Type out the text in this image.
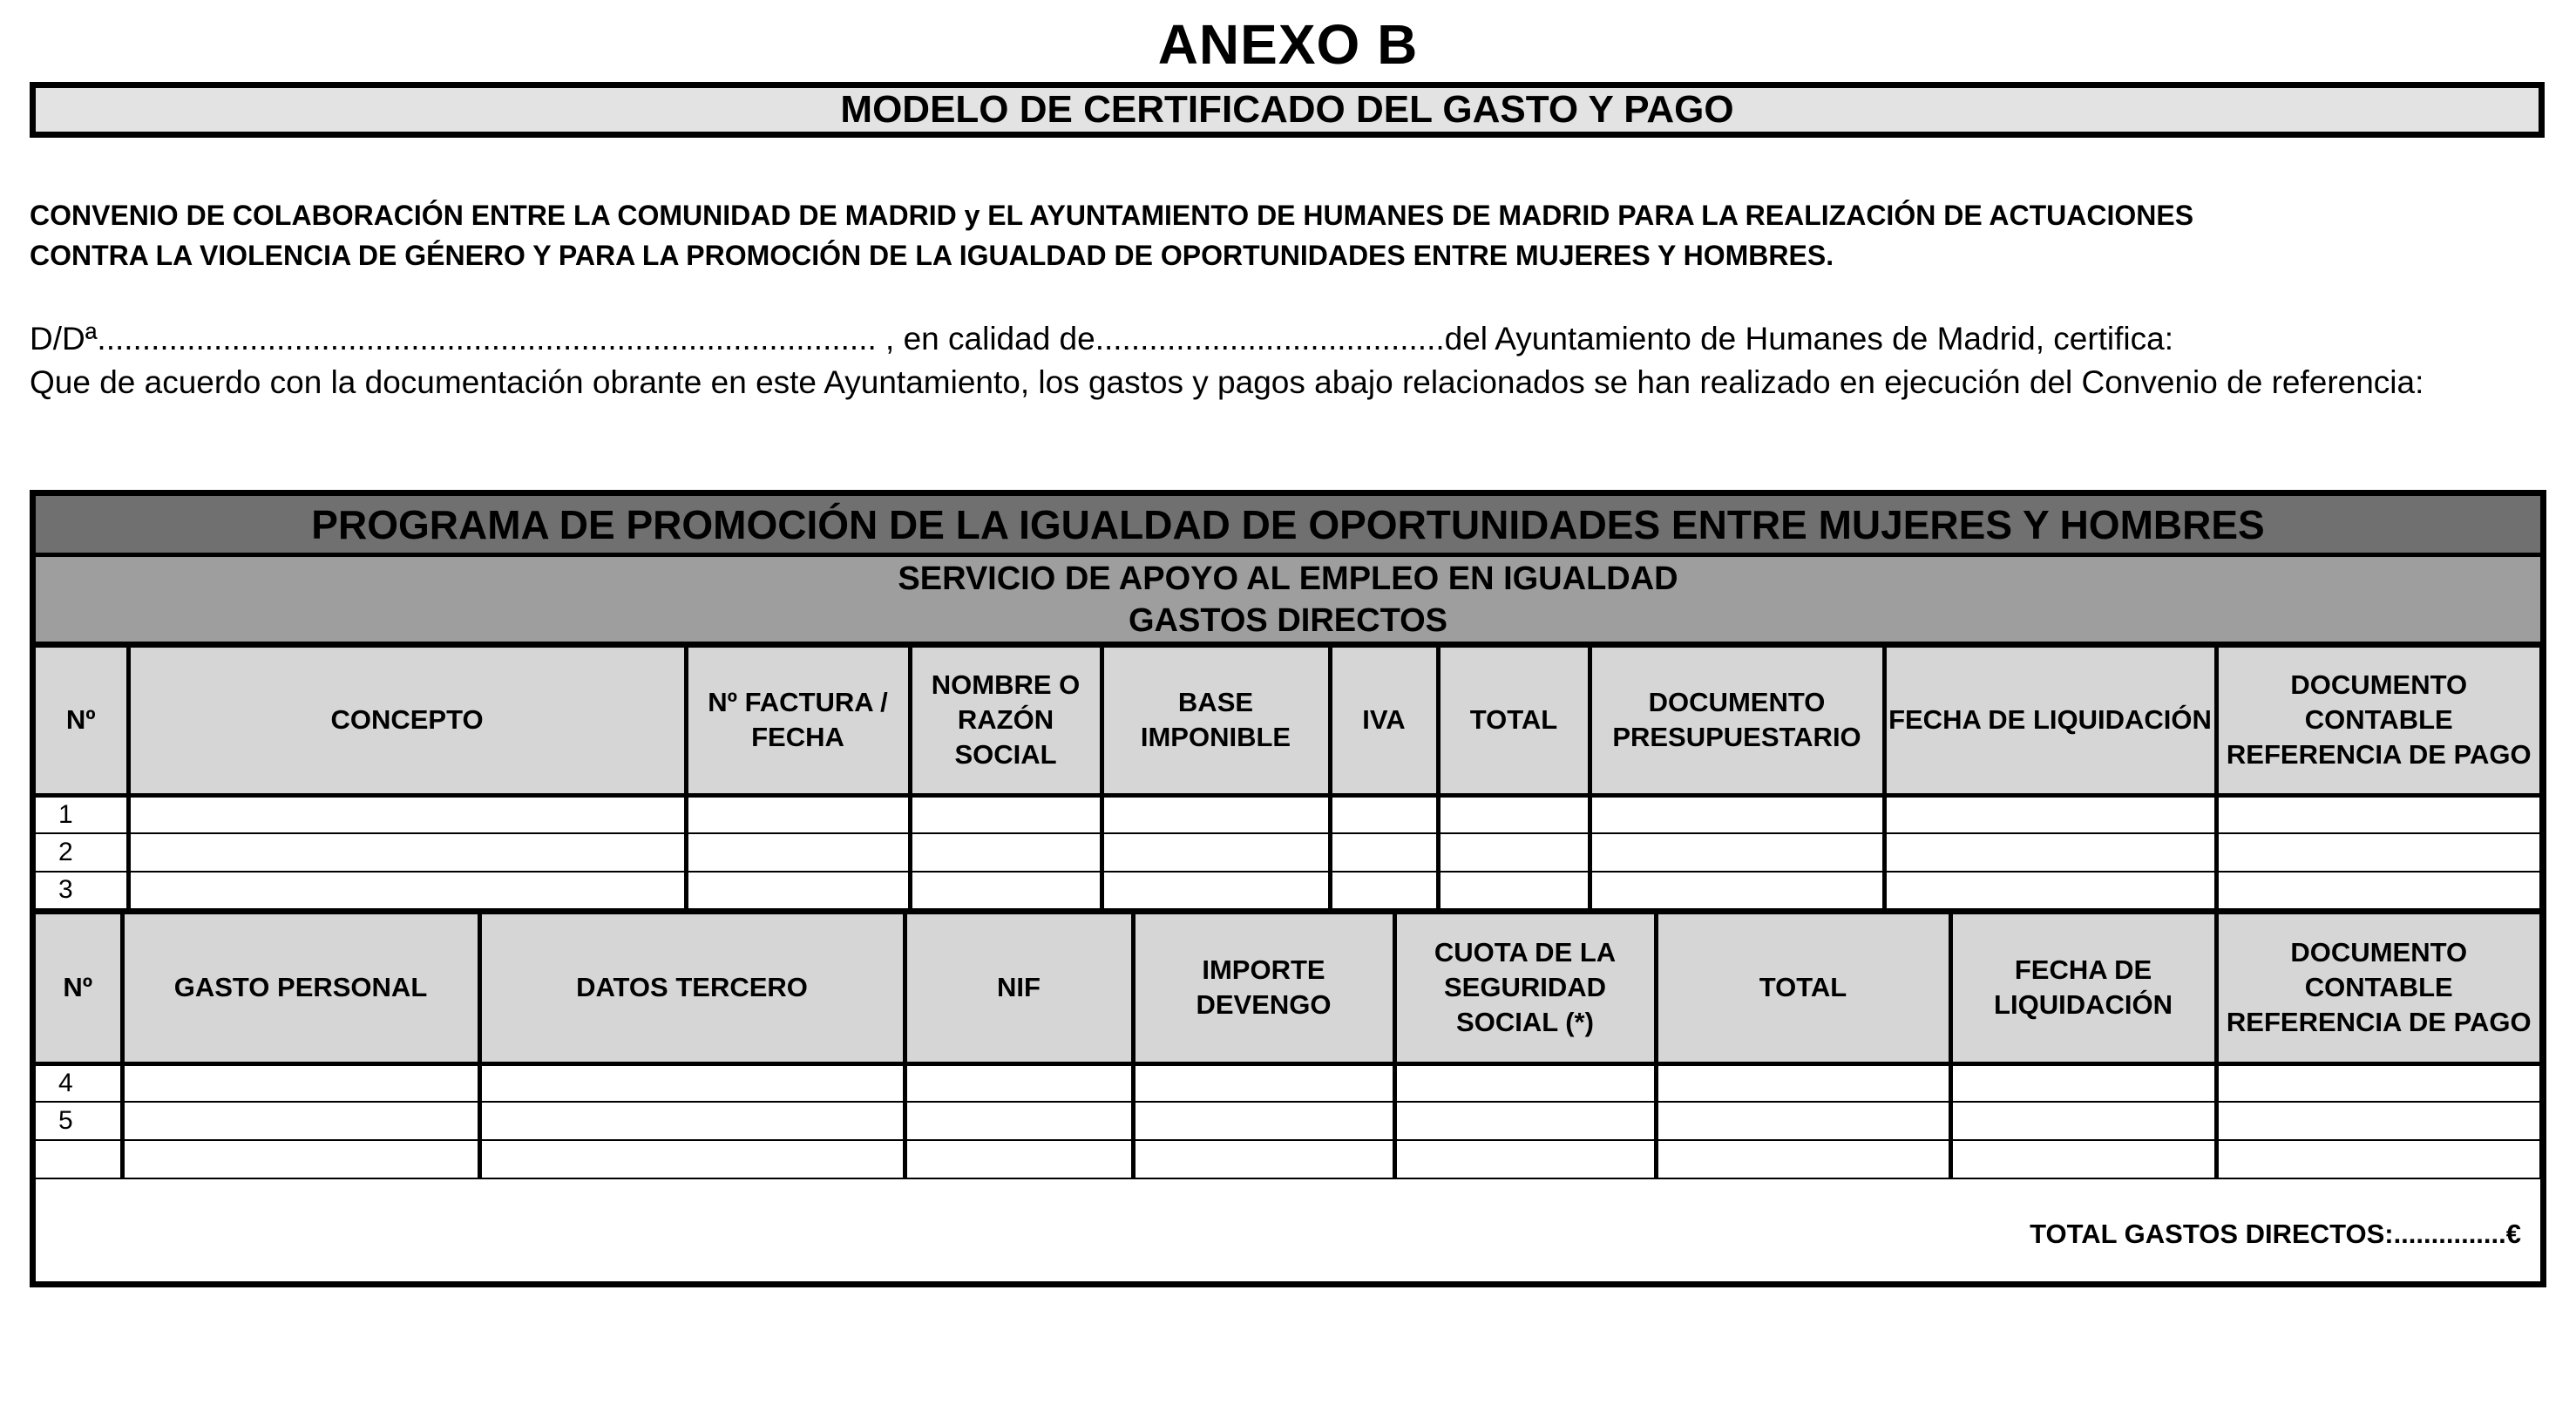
ANEXO B
MODELO DE CERTIFICADO DEL GASTO Y PAGO
CONVENIO DE COLABORACIÓN ENTRE LA COMUNIDAD DE MADRID y EL AYUNTAMIENTO DE HUMANES DE MADRID PARA LA REALIZACIÓN DE ACTUACIONES
CONTRA LA VIOLENCIA DE GÉNERO Y PARA LA PROMOCIÓN DE LA IGUALDAD DE OPORTUNIDADES ENTRE MUJERES Y HOMBRES.

D/Dª....................................................................................... , en calidad de.......................................del Ayuntamiento de Humanes de Madrid, certifica:

Que de acuerdo con la documentación obrante en este Ayuntamiento, los gastos y pagos abajo relacionados se han realizado en ejecución del Convenio de referencia:

PROGRAMA DE PROMOCIÓN DE LA IGUALDAD DE OPORTUNIDADES ENTRE MUJERES Y HOMBRES
SERVICIO DE APOYO AL EMPLEO EN IGUALDAD
GASTOS DIRECTOS
Nº	CONCEPTO	Nº FACTURA / FECHA	NOMBRE O RAZÓN SOCIAL	BASE IMPONIBLE	IVA	TOTAL	DOCUMENTO PRESUPUESTARIO	FECHA DE LIQUIDACIÓN	DOCUMENTO CONTABLE REFERENCIA DE PAGO
1									
2									
3									
Nº	GASTO PERSONAL	DATOS TERCERO	NIF	IMPORTE DEVENGO	CUOTA DE LA SEGURIDAD SOCIAL (*)	TOTAL	FECHA DE LIQUIDACIÓN	DOCUMENTO CONTABLE REFERENCIA DE PAGO
4								
5								

TOTAL GASTOS DIRECTOS:...............€
